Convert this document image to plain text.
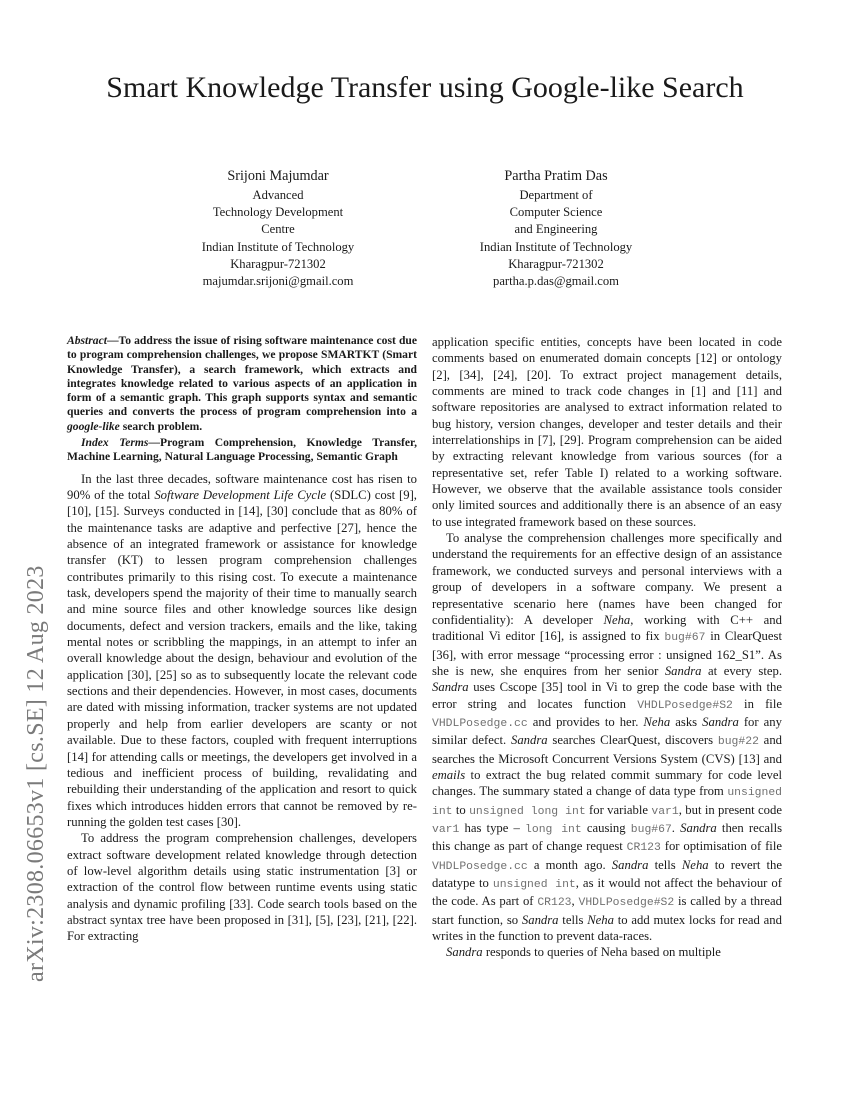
Smart Knowledge Transfer using Google-like Search
arXiv:2308.06653v1 [cs.SE] 12 Aug 2023
Srijoni Majumdar
Advanced
Technology Development
Centre
Indian Institute of Technology
Kharagpur-721302
majumdar.srijoni@gmail.com
Partha Pratim Das
Department of
Computer Science
and Engineering
Indian Institute of Technology
Kharagpur-721302
partha.p.das@gmail.com

Abstract—To address the issue of rising software maintenance cost due to program comprehension challenges, we propose SMARTKT (Smart Knowledge Transfer), a search framework, which extracts and integrates knowledge related to various aspects of an application in form of a semantic graph. This graph supports syntax and semantic queries and converts the process of program comprehension into a google-like search problem.

Index Terms—Program Comprehension, Knowledge Transfer, Machine Learning, Natural Language Processing, Semantic Graph

In the last three decades, software maintenance cost has risen to 90% of the total Software Development Life Cycle (SDLC) cost [9], [10], [15]. Surveys conducted in [14], [30] conclude that as 80% of the maintenance tasks are adaptive and perfective [27], hence the absence of an integrated framework or assistance for knowledge transfer (KT) to lessen program comprehension challenges contributes primarily to this rising cost. To execute a maintenance task, developers spend the majority of their time to manually search and mine source files and other knowledge sources like design documents, defect and version trackers, emails and the like, taking mental notes or scribbling the mappings, in an attempt to infer an overall knowledge about the design, behaviour and evolution of the application [30], [25] so as to subsequently locate the relevant code sections and their dependencies. However, in most cases, documents are dated with missing information, tracker systems are not updated properly and help from earlier developers are scanty or not available. Due to these factors, coupled with frequent interruptions [14] for attending calls or meetings, the developers get involved in a tedious and inefficient process of building, revalidating and rebuilding their understanding of the application and resort to quick fixes which introduces hidden errors that cannot be removed by re-running the golden test cases [30].

To address the program comprehension challenges, developers extract software development related knowledge through detection of low-level algorithm details using static instrumentation [3] or extraction of the control flow between runtime events using static analysis and dynamic profiling [33]. Code search tools based on the abstract syntax tree have been proposed in [31], [5], [23], [21], [22]. For extracting

application specific entities, concepts have been located in code comments based on enumerated domain concepts [12] or ontology [2], [34], [24], [20]. To extract project management details, comments are mined to track code changes in [1] and [11] and software repositories are analysed to extract information related to bug history, version changes, developer and tester details and their interrelationships in [7], [29]. Program comprehension can be aided by extracting relevant knowledge from various sources (for a representative set, refer Table I) related to a working software. However, we observe that the available assistance tools consider only limited sources and additionally there is an absence of an easy to use integrated framework based on these sources.

To analyse the comprehension challenges more specifically and understand the requirements for an effective design of an assistance framework, we conducted surveys and personal interviews with a group of developers in a software company. We present a representative scenario here (names have been changed for confidentiality): A developer Neha, working with C++ and traditional Vi editor [16], is assigned to fix bug#67 in ClearQuest [36], with error message “processing error : unsigned 162_S1”. As she is new, she enquires from her senior Sandra at every step. Sandra uses Cscope [35] tool in Vi to grep the code base with the error string and locates function VHDLPosedge#S2 in file VHDLPosedge.cc and provides to her. Neha asks Sandra for any similar defect. Sandra searches ClearQuest, discovers bug#22 and searches the Microsoft Concurrent Versions System (CVS) [13] and emails to extract the bug related commit summary for code level changes. The summary stated a change of data type from unsigned int to unsigned long int for variable var1, but in present code var1 has type – long int causing bug#67. Sandra then recalls this change as part of change request CR123 for optimisation of file VHDLPosedge.cc a month ago. Sandra tells Neha to revert the datatype to unsigned int, as it would not affect the behaviour of the code. As part of CR123, VHDLPosedge#S2 is called by a thread start function, so Sandra tells Neha to add mutex locks for read and writes in the function to prevent data-races.

Sandra responds to queries of Neha based on multiple
